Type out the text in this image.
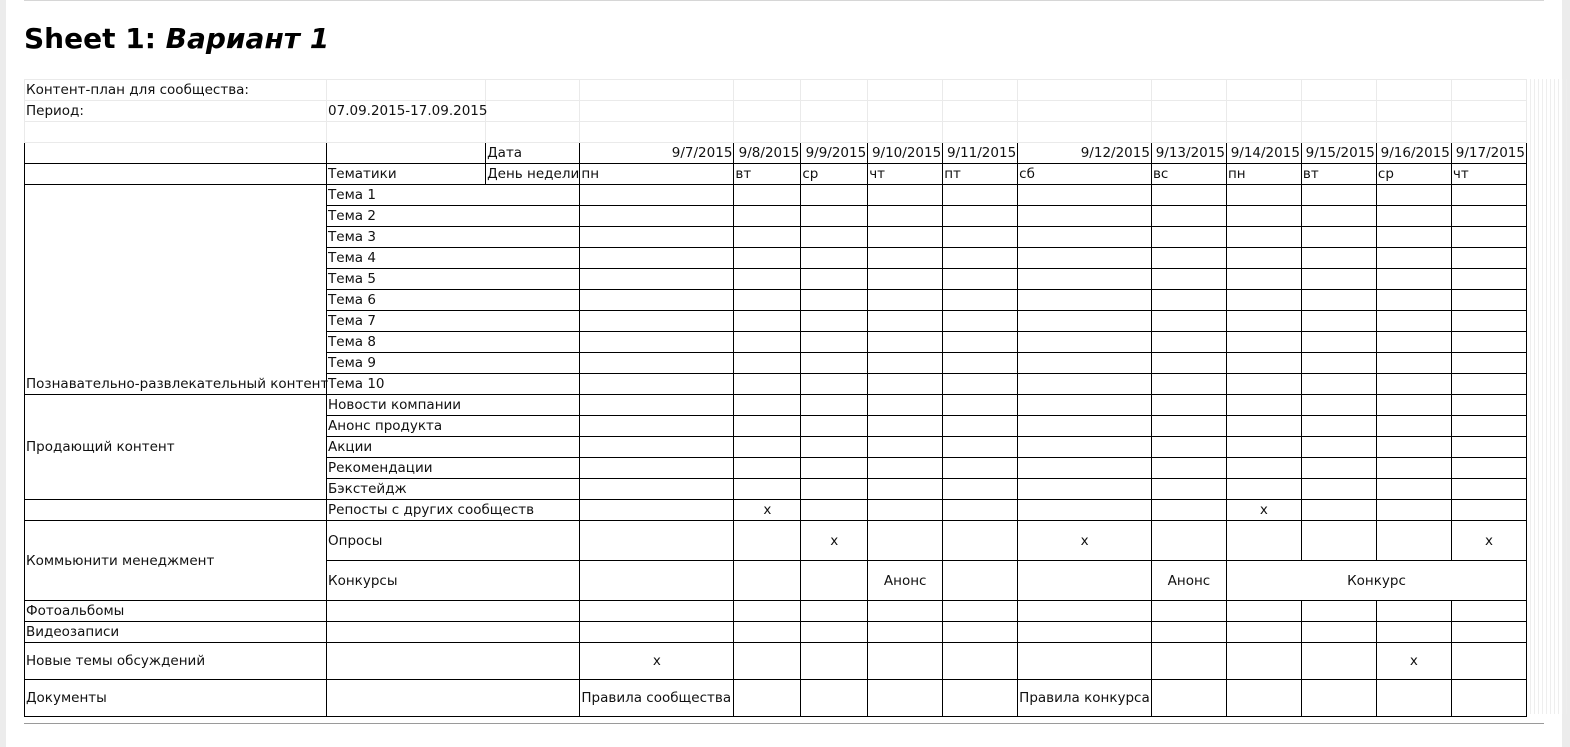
Sheet 1: Вариант 1
Контент-план для сообщества:													
Период:	07.09.2015-17.09.2015												

		Дата	9/7/2015	9/8/2015	9/9/2015	9/10/2015	9/11/2015	9/12/2015	9/13/2015	9/14/2015	9/15/2015	9/16/2015	9/17/2015
	Тематики	День недели	пн	вт	ср	чт	пт	сб	вс	пн	вт	ср	чт
Познавательно-развлекательный контент	Тема 1												
	Тема 2												
	Тема 3												
	Тема 4												
	Тема 5												
	Тема 6												
	Тема 7												
	Тема 8												
	Тема 9												
	Тема 10												
Продающий контент	Новости компании												
	Анонс продукта												
	Акции												
	Рекомендации												
	Бэкстейдж												
	Репосты с других сообществ			x						x			
Коммьюнити менеджмент	Опросы				x			x					x
	Конкурсы					Анонс			Анонс	Конкурс			
Фотоальбомы													
Видеозаписи													
Новые темы обсуждений			x									x	
Документы			Правила сообщества					Правила конкурса					
